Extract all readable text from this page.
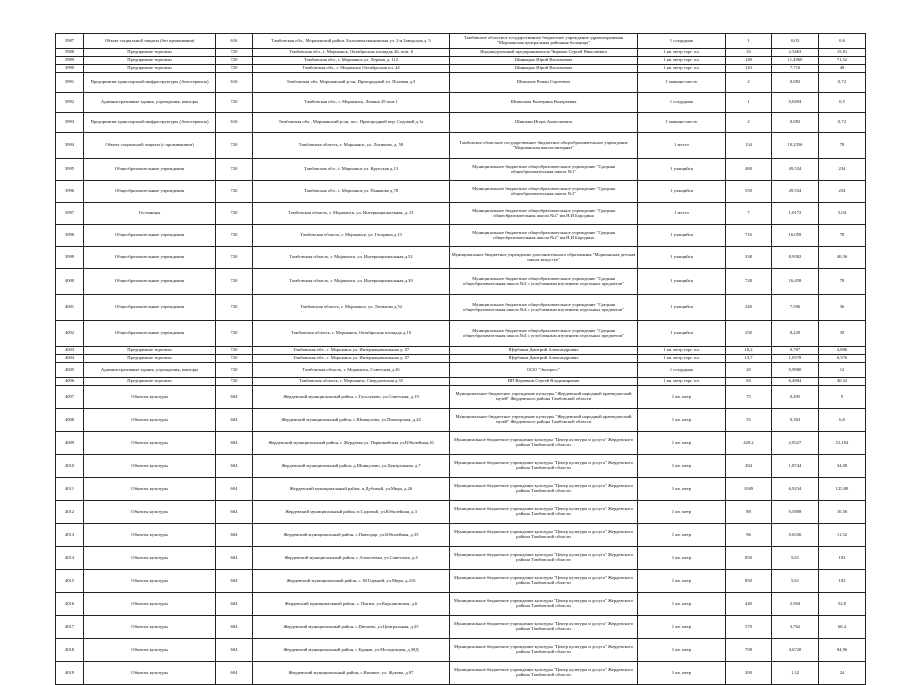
3987	Объект социальной защиты (без проживания)	616	Тамбовская обл., Моршанский район, Большекалмыковская ул. 2-я Заводская д. 5	Тамбовское областное государственное бюджетное учреждение здравоохранения "Моршанская центральная районная больница"	1 сотрудник	1	0,03	0,6
3988	Предприятие торговли	720	Тамбовская обл., г. Моршанск, Октябрьская площадь 26, пом. 6	Индивидуальный предприниматель Чиркова Сергей Николаевич	1 кв. метр торг. пл.	33	2,5463	15,81
3989	Предприятие торговли	720	Тамбовская обл., г. Моршанск ул. Лермон д. 112	Шинкарко Юрий Васильевич	1 кв. метр торг. пл.	149	11,4960	71,52
3990	Предприятие торговли	720	Тамбовская обл., г. Моршанск Октябрьская пл. 44	Шинкарко Юрий Васильевич	1 кв. метр торг. пл.	110	7,716	48
3991	Предприятия транспортной инфраструктуры (Автосервисы)	616	Тамбовская обл. Моршанский р-он, Пригородный ул. Полевая д.3	Шипилов Роман Сергеевич	1 машино-место	2	0,083	0,72
3992	Административные здания, учреждения, конторы	720	Тамбовская обл., г. Моршанск, Ленина 29 пом.1	Шипилова Екатерина Валерьевна	1 сотрудник	1	0,0494	0,5
3993	Предприятия транспортной инфраструктуры (Автосервисы)	616	Тамбовская обл., Моршанский р-он, пос. Пригородный пер. Садовый д.1а	Шишкин Игорь Анатольевич	1 машино-место	2	0,083	0,72
3994	Объект социальной защиты (с проживанием)	720	Тамбовская область, г. Моршанск, ул. Лотикова, д. 58	Тамбовское областное государственное бюджетное общеобразовательное учреждение "Моршанская школа-интернат"	1 место	134	10,2356	78
3995	Общеобразовательные учреждения	720	Тамбовская обл., г. Моршанск ул. Крупская д.13	Муниципальное бюджетное общеобразовательное учреждение "Средняя общеобразовательная школа №1"	1 учащийся	480	49,534	234
3996	Общеобразовательные учреждения	720	Тамбовская обл., г. Моршанск ул. Пьянкова д.78	Муниципальное бюджетное общеобразовательное учреждение "Средняя общеобразовательная школа №1"	1 учащийся	550	49,534	234
3997	Гостиницы	720	Тамбовская область, г. Моршанск, ул. Интернациональная, д. 21	Муниципальное бюджетное общеобразовательное учреждение "Средняя общеобразовательная школа №2" им.Н.И.Бородина	1 место	7	1,0172	5,04
3998	Общеобразовательные учреждения	720	Тамбовская область, г. Моршанск, ул. Гагарина д.13	Муниципальное бюджетное общеобразовательное учреждение "Средняя общеобразовательная школа №2" им.Н.И.Бородина	1 учащийся	716	16,058	78
3999	Общеобразовательные учреждения	720	Тамбовская область, г. Моршанск, ул. Интернациональная д.52	Муниципальное бюджетное учреждение дополнительного образования "Моршанская детская школа искусств"	1 учащийся	338	8,9382	40,56
4000	Общеобразовательные учреждения	720	Тамбовская область, г. Моршанск, ул. Интернациональная д.39	Муниципальное бюджетное общеобразовательное учреждение "Средняя общеобразовательная школа №3 с углубленным изучением отдельных предметов"	1 учащийся	728	16,458	78
4001	Общеобразовательные учреждения	720	Тамбовская область, г. Моршанск, ул. Лотикова д.52	Муниципальное бюджетное общеобразовательное учреждение "Средняя общеобразовательная школа №4 с углубленным изучением отдельных предметов"	1 учащийся	240	7,596	36
4002	Общеобразовательные учреждения	720	Тамбовская область, г. Моршанск, Октябрьская площадь д.10	Муниципальное бюджетное общеобразовательное учреждение "Средняя общеобразовательная школа №4 с углубленным изучением отдельных предметов"	1 учащийся	250	8,229	39
4003	Предприятие торговли	720	Тамбовская обл., г. Моршанск ул. Интернациональная д. 47	Щербаков Дмитрий Александрович	1 кв. метр торг. пл.	10,2	0,787	4,896
4004	Предприятие торговли	720	Тамбовская обл., г. Моршанск ул. Интернациональная д. 47	Щербаков Дмитрий Александрович	1 кв. метр торг. пл.	13,7	1,0578	6,576
4005	Административные здания, учреждения, конторы	720	Тамбовская область, г. Моршанск, Советская д.26	ООО "Экспресс"	1 сотрудник	20	0,9880	12
4006	Предприятие торговли	720	Тамбовская область, г. Моршанск, Свердловская д.55	ИП Веревкин Сергей Владимирович	1 кв. метр торг. пл.	84	6,4884	40,32
4007	Объекты культуры	604	Жердевский муниципальный район, с.Туголуково, ул.Советская, д.19	Муниципальное бюджетное учреждение культуры "Жердевский народный краеведческий музей" Жердевского района Тамбовской области	1 кв. метр	75	0,495	9
4008	Объекты культуры	604	Жердевский муниципальный район, с.Шпикулово, ул.Пионерская, д.24	Муниципальное бюджетное учреждение культуры "Жердевский народный краеведческий музей" Жердевского района Тамбовской области	1 кв. метр	55	0,363	6,6
4009	Объекты культуры	604	Жердевский муниципальный район, г. Жердевка ул. Первомайская ул.Юбилейная,16	Муниципальное бюджетное учреждение культуры "Центр культуры и досуга" Жердевского района Тамбовской области	1 кв. метр	429,2	2,8327	51,104
4010	Объекты культуры	604	Жердевский муниципальный район, д.Шпикулово, ул.Центральная, д.7	Муниципальное бюджетное учреждение культуры "Центр культуры и досуга" Жердевского района Тамбовской области	1 кв. метр	284	1,8744	34,08
4011	Объекты культуры	604	Жердевский муниципальный район, п.Дубовый, ул.Мира, д.26	Муниципальное бюджетное учреждение культуры "Центр культуры и досуга" Жердевского района Тамбовской области	1 кв. метр	1049	6,9234	125,88
4012	Объекты культуры	604	Жердевский муниципальный район, п.Садовый, ул.Юбилейная, д.3	Муниципальное бюджетное учреждение культуры "Центр культуры и досуга" Жердевского района Тамбовской области	1 кв. метр	88	0,5808	10,56
4013	Объекты культуры	604	Жердевский муниципальный район, с.Павлодар, ул.Юбилейная, д.35	Муниципальное бюджетное учреждение культуры "Центр культуры и досуга" Жердевского района Тамбовской области	1 кв. метр	96	0,6336	11,52
4014	Объекты культуры	604	Жердевский муниципальный район, с.Алексеевка, ул.Советская, д.4	Муниципальное бюджетное учреждение культуры "Центр культуры и досуга" Жердевского района Тамбовской области	1 кв. метр	850	5,61	102
4015	Объекты культуры	604	Жердевский муниципальный район, с. М.Горький, ул.Мира, д.21б	Муниципальное бюджетное учреждение культуры "Центр культуры и досуга" Жердевского района Тамбовской области	1 кв. метр	850	5,61	102
4016	Объекты культуры	604	Жердевский муниципальный район, с. Питим, ул.Кирсановская, д.6	Муниципальное бюджетное учреждение культуры "Центр культуры и досуга" Жердевского района Тамбовской области	1 кв. метр	440	2,904	52,8
4017	Объекты культуры	604	Жердевский муниципальный район, с.Пичаево, ул.Центральная, д.25	Муниципальное бюджетное учреждение культуры "Центр культуры и досуга" Жердевского района Тамбовской области	1 кв. метр	570	3,762	68,4
4018	Объекты культуры	604	Жердевский муниципальный район, с.Бурнак, ул.Молодежная, д.38Д	Муниципальное бюджетное учреждение культуры "Центр культуры и досуга" Жердевского района Тамбовской области	1 кв. метр	708	4,6728	84,96
4019	Объекты культуры	604	Жердевский муниципальный район, с.Вязовое, ул. Жукова, д.97	Муниципальное бюджетное учреждение культуры "Центр культуры и досуга" Жердевского района Тамбовской области	1 кв. метр	200	1,32	24
